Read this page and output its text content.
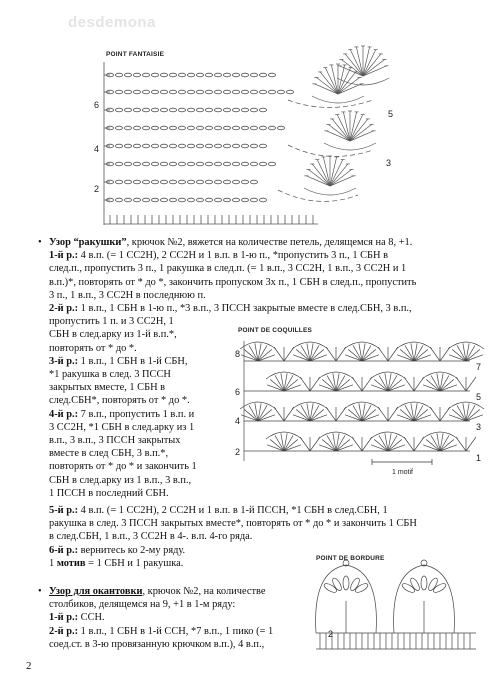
desdemona
POINT FANTAISIE
6
4
2
5
3
• Узор “ракушки”, крючок №2, вяжется на количестве петель, делящемся на 8, +1.

1-й р.: 4 в.п. (= 1 СС2Н), 2 СС2Н и 1 в.п. в 1-ю п., *пропустить 3 п., 1 СБН в

след.п., пропустить 3 п., 1 ракушка в след.п. (= 1 в.п., 3 СС2Н, 1 в.п., 3 СС2Н и 1

в.п.)*, повторять от * до *, закончить пропуском 3х п., 1 СБН в след.п., пропустить

3 п., 1 в.п., 3 СС2Н в последнюю п.

2-й р.: 1 в.п., 1 СБН в 1-ю п., *3 в.п., 3 ПССН закрытые вместе в след.СБН, 3 в.п.,

пропустить 1 п. и 3 СС2Н, 1

СБН в след.арку из 1-й в.п.*,

повторять от * до *.

3-й р.: 1 в.п., 1 СБН в 1-й СБН,

*1 ракушка в след. 3 ПССН

закрытых вместе, 1 СБН в

след.СБН*, повторять от * до *.

4-й р.: 7 в.п., пропустить 1 в.п. и

3 СС2Н, *1 СБН в след.арку из 1

в.п., 3 в.п., 3 ПССН закрытых

вместе в след СБН, 3 в.п.*,

повторять от * до * и закончить 1

СБН в след.арку из 1 в.п., 3 в.п.,

1 ПССН в последний СБН.

POINT DE COQUILLES
8
6
4
2
7
5
3
1
1 motif

5-й р.: 4 в.п. (= 1 СС2Н), 2 СС2Н и 1 в.п. в 1-й ПССН, *1 СБН в след.СБН, 1

ракушка в след. 3 ПССН закрытых вместе*, повторять от * до * и закончить 1 СБН

в след.СБН, 1 в.п., 3 СС2Н в 4-. в.п. 4-го ряда.

6-й р.: вернитесь ко 2-му ряду.

1 мотив = 1 СБН и 1 ракушка.	POINT DE BORDURE
2
• Узор для окантовки, крючок №2, на количестве

столбиков, делящемся на 9, +1 в 1-м ряду:

1-й р.: ССН.

2-й р.: 1 в.п., 1 СБН в 1-й ССН, *7 в.п., 1 пико (= 1

соед.ст. в 3-ю провязанную крючком в.п.), 4 в.п.,

2
